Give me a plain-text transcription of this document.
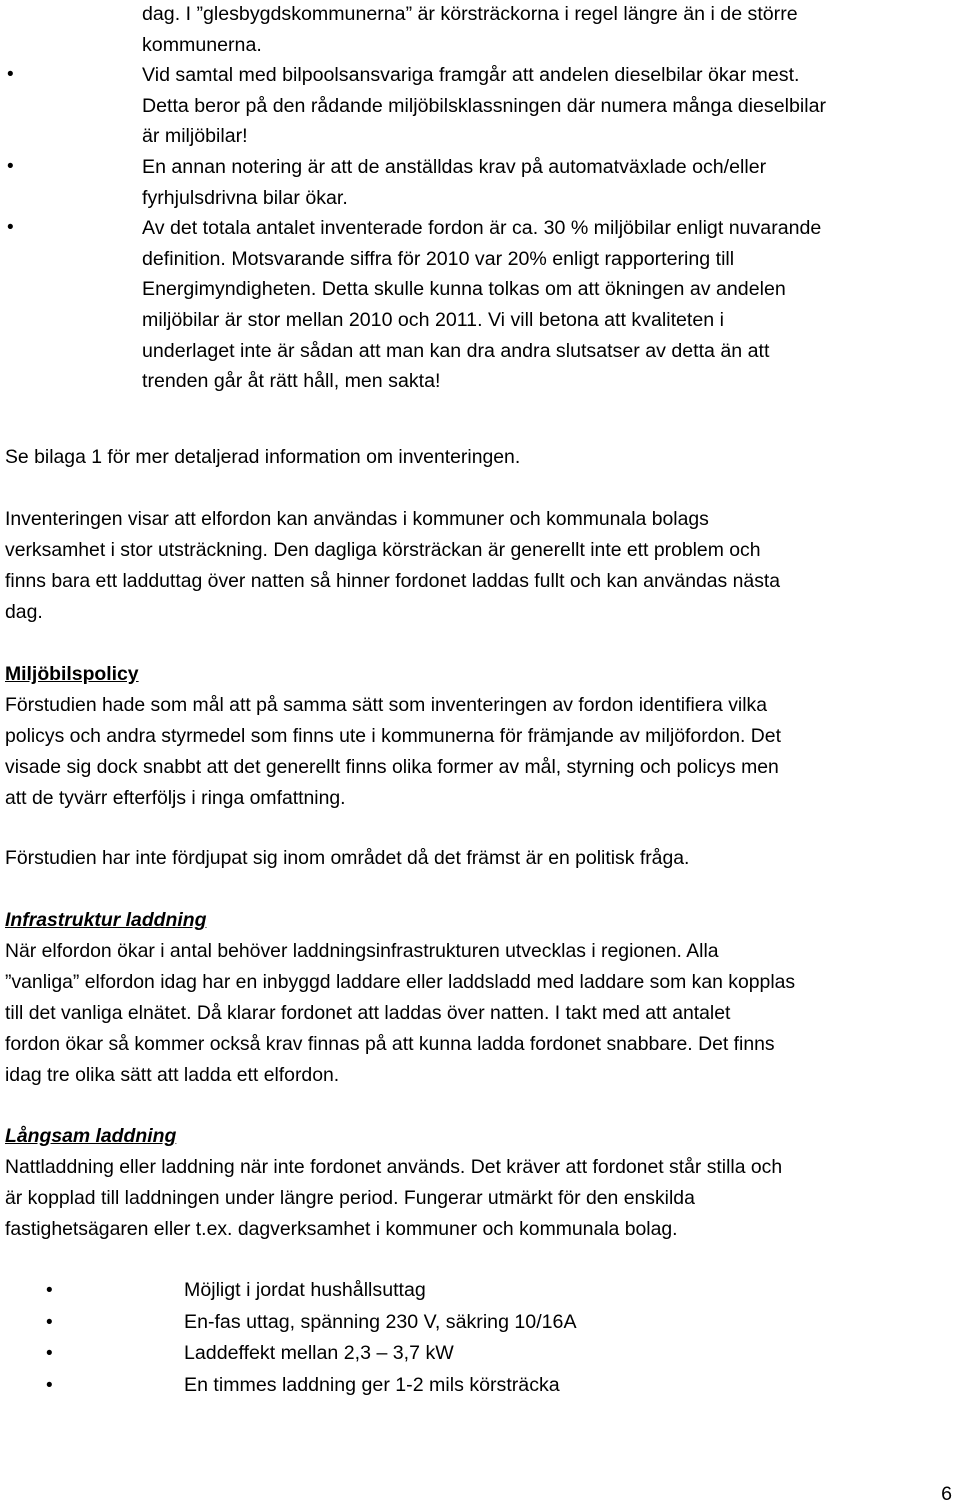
dag. I ”glesbygdskommunerna” är körsträckorna i regel längre än i de större
kommunerna.
•	Vid samtal med bilpoolsansvariga framgår att andelen dieselbilar ökar mest.
Detta beror på den rådande miljöbilsklassningen där numera många dieselbilar
är miljöbilar!
•	En annan notering är att de anställdas krav på automatväxlade och/eller
fyrhjulsdrivna bilar ökar.
•	Av det totala antalet inventerade fordon är ca. 30 % miljöbilar enligt nuvarande
definition. Motsvarande siffra för 2010 var 20% enligt rapportering till
Energimyndigheten. Detta skulle kunna tolkas om att ökningen av andelen
miljöbilar är stor mellan 2010 och 2011. Vi vill betona att kvaliteten i
underlaget inte är sådan att man kan dra andra slutsatser av detta än att
trenden går åt rätt håll, men sakta!

Se bilaga 1 för mer detaljerad information om inventeringen.

Inventeringen visar att elfordon kan användas i kommuner och kommunala bolags
verksamhet i stor utsträckning. Den dagliga körsträckan är generellt inte ett problem och
finns bara ett ladduttag över natten så hinner fordonet laddas fullt och kan användas nästa
dag.

Miljöbilspolicy
Förstudien hade som mål att på samma sätt som inventeringen av fordon identifiera vilka
policys och andra styrmedel som finns ute i kommunerna för främjande av miljöfordon. Det
visade sig dock snabbt att det generellt finns olika former av mål, styrning och policys men
att de tyvärr efterföljs i ringa omfattning.

Förstudien har inte fördjupat sig inom området då det främst är en politisk fråga.

Infrastruktur laddning
När elfordon ökar i antal behöver laddningsinfrastrukturen utvecklas i regionen. Alla
”vanliga” elfordon idag har en inbyggd laddare eller laddsladd med laddare som kan kopplas
till det vanliga elnätet. Då klarar fordonet att laddas över natten. I takt med att antalet
fordon ökar så kommer också krav finnas på att kunna ladda fordonet snabbare. Det finns
idag tre olika sätt att ladda ett elfordon.

Långsam laddning
Nattladdning eller laddning när inte fordonet används. Det kräver att fordonet står stilla och
är kopplad till laddningen under längre period. Fungerar utmärkt för den enskilda
fastighetsägaren eller t.ex. dagverksamhet i kommuner och kommunala bolag.

•	Möjligt i jordat hushållsuttag
•	En-fas uttag, spänning 230 V, säkring 10/16A
•	Laddeffekt mellan 2,3 – 3,7 kW
•	En timmes laddning ger 1-2 mils körsträcka
6
